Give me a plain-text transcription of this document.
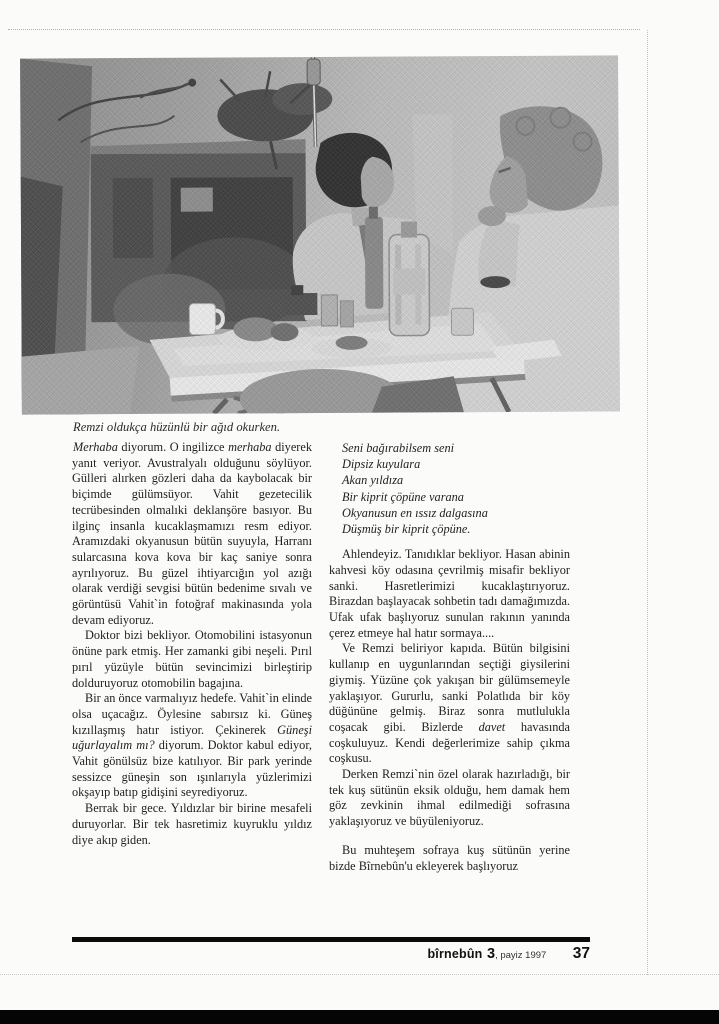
Remzi oldukça hüzünlü bir ağıd okurken.

Merhaba diyorum. O ingilizce merhaba diyerek yanıt veriyor. Avustralyalı olduğunu söylüyor. Gülleri alırken gözleri daha da kaybolacak bir biçimde gülümsüyor. Vahit gezetecilik tecrübesinden olmalıki deklanşöre basıyor. Bu ilginç insanla kucaklaşmamızı resm ediyor. Aramızdaki okyanusun bütün suyuyla, Harranı sularcasına kova kova bir kaç saniye sonra ayrılıyoruz. Bu güzel ihtiyarcığın yol azığı olarak verdiği sevgisi bütün bedenime sıvalı ve görüntüsü Vahit`in fotoğraf makinasında yola devam ediyoruz.

Doktor bizi bekliyor. Otomobilini istasyonun önüne park etmiş. Her zamanki gibi neşeli. Pırıl pırıl yüzüyle bütün sevincimizi birleştirip dolduruyoruz otomobilin bagajına.

Bir an önce varmalıyız hedefe. Vahit`in elinde olsa uçacağız. Öylesine sabırsız ki. Güneş kızıllaşmış hatır istiyor. Çekinerek Güneşi uğurlayalım mı? diyorum. Doktor kabul ediyor, Vahit gönülsüz bize katılıyor. Bir park yerinde sessizce güneşin son ışınlarıyla yüzlerimizi okşayıp batıp gidişini seyrediyoruz.

Berrak bir gece. Yıldızlar bir birine mesafeli duruyorlar. Bir tek hasretimiz kuyruklu yıldız diye akıp giden.

Seni bağırabilsem seni
Dipsiz kuyulara
Akan yıldıza
Bir kiprit çöpüne varana
Okyanusun en ıssız dalgasına
Düşmüş bir kiprit çöpüne.

Ahlendeyiz. Tanıdıklar bekliyor. Hasan abinin kahvesi köy odasına çevrilmiş misafir bekliyor sanki. Hasretlerimizi kucaklaştırıyoruz. Birazdan başlayacak sohbetin tadı damağımızda. Ufak ufak başlıyoruz sunulan rakının yanında çerez etmeye hal hatır sormaya....

Ve Remzi beliriyor kapıda. Bütün bilgisini kullanıp en uygunlarından seçtiği giysilerini giymiş. Yüzüne çok yakışan bir gülümsemeyle yaklaşıyor. Gururlu, sanki Polatlıda bir köy düğününe gelmiş. Biraz sonra mutlulukla coşacak gibi. Bizlerde davet havasında coşkuluyuz. Kendi değerlerimize sahip çıkma coşkusu.

Derken Remzi`nin özel olarak hazırladığı, bir tek kuş sütünün eksik olduğu, hem damak hem göz zevkinin ihmal edilmediği sofrasına yaklaşıyoruz ve büyüleniyoruz.

Bu muhteşem sofraya kuş sütünün yerine bizde Bîrnebûn'u ekleyerek başlıyoruz

bîrnebûn 3, payiz 1997 37
